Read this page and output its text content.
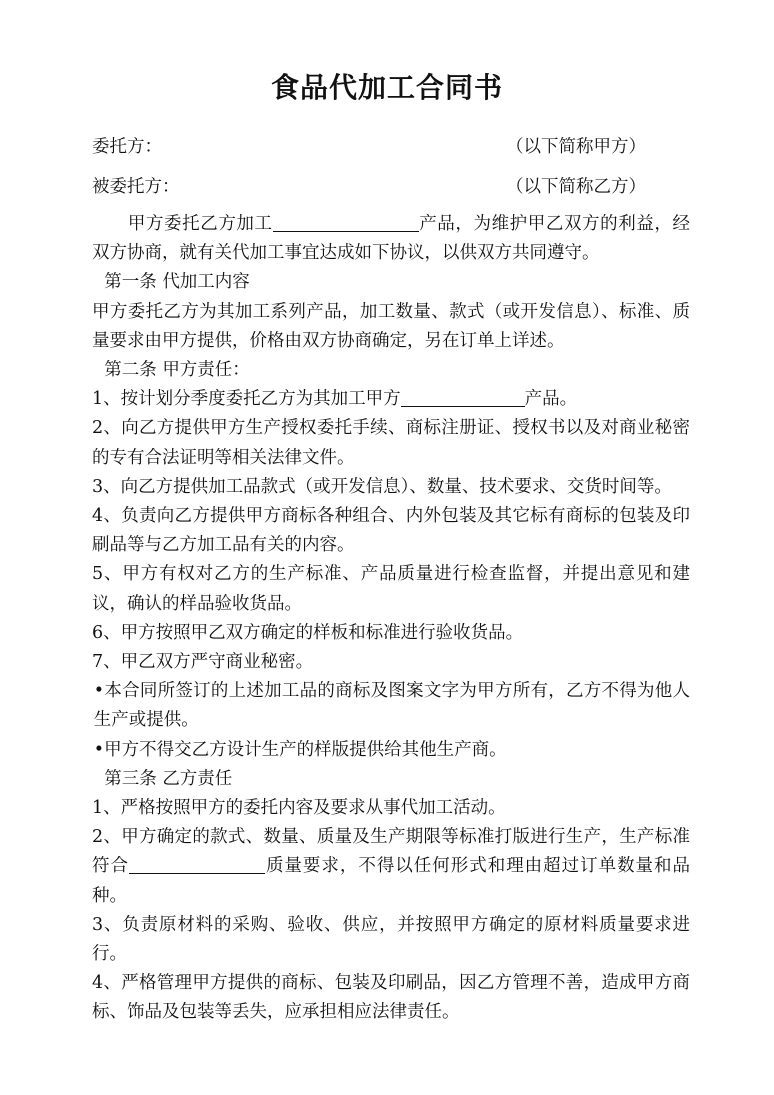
食品代加工合同书
委托方：	（以下简称甲方）
被委托方：	（以下简称乙方）

甲方委托乙方加工	产品，为维护甲乙双方的利益，经双方协商，就有关代加工事宜达成如下协议，以供双方共同遵守。

第一条 代加工内容

甲方委托乙方为其加工系列产品，加工数量、款式（或开发信息）、标准、质量要求由甲方提供，价格由双方协商确定，另在订单上详述。

第二条 甲方责任：

1、按计划分季度委托乙方为其加工甲方	产品。

2、向乙方提供甲方生产授权委托手续、商标注册证、授权书以及对商业秘密的专有合法证明等相关法律文件。

3、向乙方提供加工品款式（或开发信息）、数量、技术要求、交货时间等。

4、负责向乙方提供甲方商标各种组合、内外包装及其它标有商标的包装及印刷品等与乙方加工品有关的内容。

5、甲方有权对乙方的生产标准、产品质量进行检查监督，并提出意见和建议，确认的样品验收货品。

6、甲方按照甲乙双方确定的样板和标准进行验收货品。

7、甲乙双方严守商业秘密。

•本合同所签订的上述加工品的商标及图案文字为甲方所有，乙方不得为他人生产或提供。

•甲方不得交乙方设计生产的样版提供给其他生产商。

第三条 乙方责任

1、严格按照甲方的委托内容及要求从事代加工活动。

2、甲方确定的款式、数量、质量及生产期限等标准打版进行生产，生产标准符合	质量要求，不得以任何形式和理由超过订单数量和品种。

3、负责原材料的采购、验收、供应，并按照甲方确定的原材料质量要求进行。

4、严格管理甲方提供的商标、包装及印刷品，因乙方管理不善，造成甲方商标、饰品及包装等丢失，应承担相应法律责任。
